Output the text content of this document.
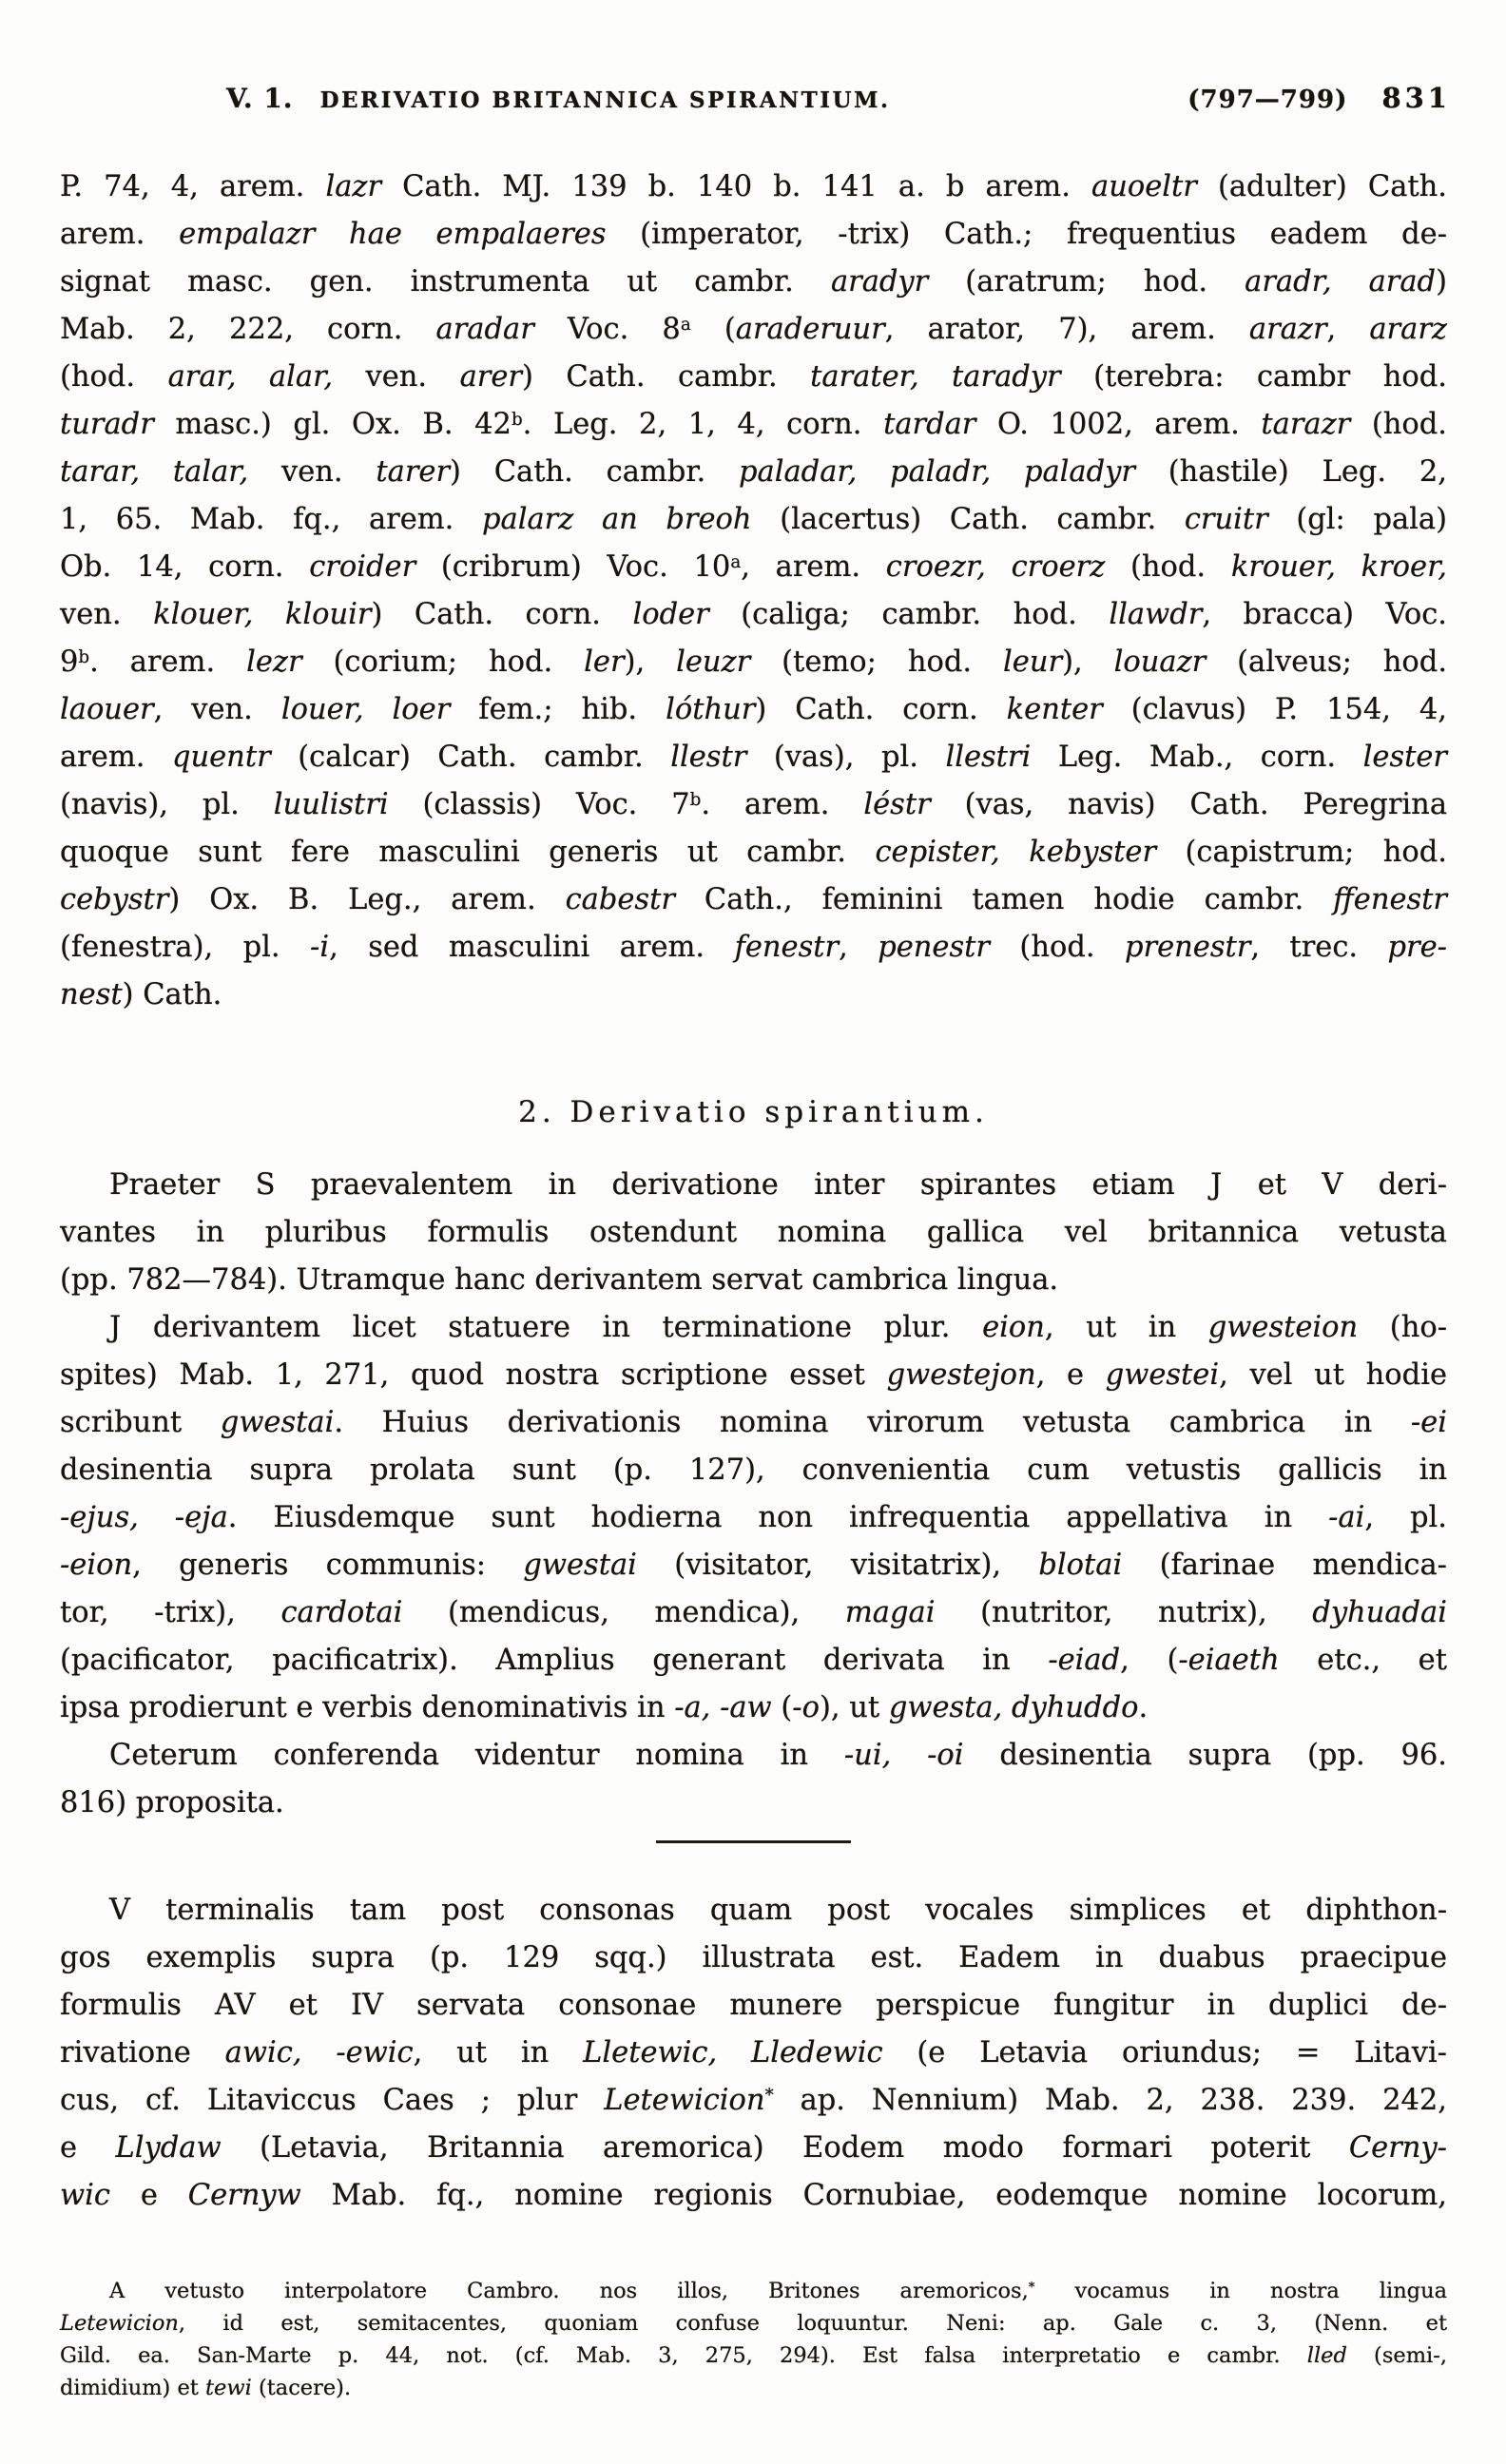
V. 1. DERIVATIO BRITANNICA SPIRANTIUM.	(797—799) 831
P. 74, 4, arem. lazr Cath. MJ. 139 b. 140 b. 141 a. b arem. auoeltr (adulter) Cath.
arem. empalazr hae empalaeres (imperator, -trix) Cath.; frequentius eadem de-
signat masc. gen. instrumenta ut cambr. aradyr (aratrum; hod. aradr, arad)
Mab. 2, 222, corn. aradar Voc. 8$^a$ (araderuur, arator, 7), arem. arazr, ararz
(hod. arar, alar, ven. arer) Cath. cambr. tarater, taradyr (terebra: cambr hod.
turadr masc.) gl. Ox. B. 42$^b$. Leg. 2, 1, 4, corn. tardar O. 1002, arem. tarazr (hod.
tarar, talar, ven. tarer) Cath. cambr. paladar, paladr, paladyr (hastile) Leg. 2,
1, 65. Mab. fq., arem. palarz an breoh (lacertus) Cath. cambr. cruitr (gl: pala)
Ob. 14, corn. croider (cribrum) Voc. 10$^a$, arem. croezr, croerz (hod. krouer, kroer,
ven. klouer, klouir) Cath. corn. loder (caliga; cambr. hod. llawdr, bracca) Voc.
9$^b$. arem. lezr (corium; hod. ler), leuzr (temo; hod. leur), louazr (alveus; hod.
laouer, ven. louer, loer fem.; hib. lóthur) Cath. corn. kenter (clavus) P. 154, 4,
arem. quentr (calcar) Cath. cambr. llestr (vas), pl. llestri Leg. Mab., corn. lester
(navis), pl. luulistri (classis) Voc. 7$^b$. arem. léstr (vas, navis) Cath. Peregrina
quoque sunt fere masculini generis ut cambr. cepister, kebyster (capistrum; hod.
cebystr) Ox. B. Leg., arem. cabestr Cath., feminini tamen hodie cambr. ffenestr
(fenestra), pl. -i, sed masculini arem. fenestr, penestr (hod. prenestr, trec. pre-
nest) Cath.
2. Derivatio spirantium.
Praeter S praevalentem in derivatione inter spirantes etiam J et V deri-
vantes in pluribus formulis ostendunt nomina gallica vel britannica vetusta
(pp. 782—784). Utramque hanc derivantem servat cambrica lingua.
J derivantem licet statuere in terminatione plur. eion, ut in gwesteion (ho-
spites) Mab. 1, 271, quod nostra scriptione esset gwestejon, e gwestei, vel ut hodie
scribunt gwestai. Huius derivationis nomina virorum vetusta cambrica in -ei
desinentia supra prolata sunt (p. 127), convenientia cum vetustis gallicis in
-ejus, -eja. Eiusdemque sunt hodierna non infrequentia appellativa in -ai, pl.
-eion, generis communis: gwestai (visitator, visitatrix), blotai (farinae mendica-
tor, -trix), cardotai (mendicus, mendica), magai (nutritor, nutrix), dyhuadai
(pacificator, pacificatrix). Amplius generant derivata in -eiad, (-eiaeth etc., et
ipsa prodierunt e verbis denominativis in -a, -aw (-o), ut gwesta, dyhuddo.
Ceterum conferenda videntur nomina in -ui, -oi desinentia supra (pp. 96.
816) proposita.
V terminalis tam post consonas quam post vocales simplices et diphthon-
gos exemplis supra (p. 129 sqq.) illustrata est. Eadem in duabus praecipue
formulis AV et IV servata consonae munere perspicue fungitur in duplici de-
rivatione awic, -ewic, ut in Lletewic, Lledewic (e Letavia oriundus; = Litavi-
cus, cf. Litaviccus Caes ; plur Letewicion* ap. Nennium) Mab. 2, 238. 239. 242,
e Llydaw (Letavia, Britannia aremorica) Eodem modo formari poterit Cerny-
wic e Cernyw Mab. fq., nomine regionis Cornubiae, eodemque nomine locorum,
A vetusto interpolatore Cambro. nos illos, Britones aremoricos,* vocamus in nostra lingua
Letewicion, id est, semitacentes, quoniam confuse loquuntur. Neni: ap. Gale c. 3, (Nenn. et
Gild. ea. San-Marte p. 44, not. (cf. Mab. 3, 275, 294). Est falsa interpretatio e cambr. lled (semi-,
dimidium) et tewi (tacere).
